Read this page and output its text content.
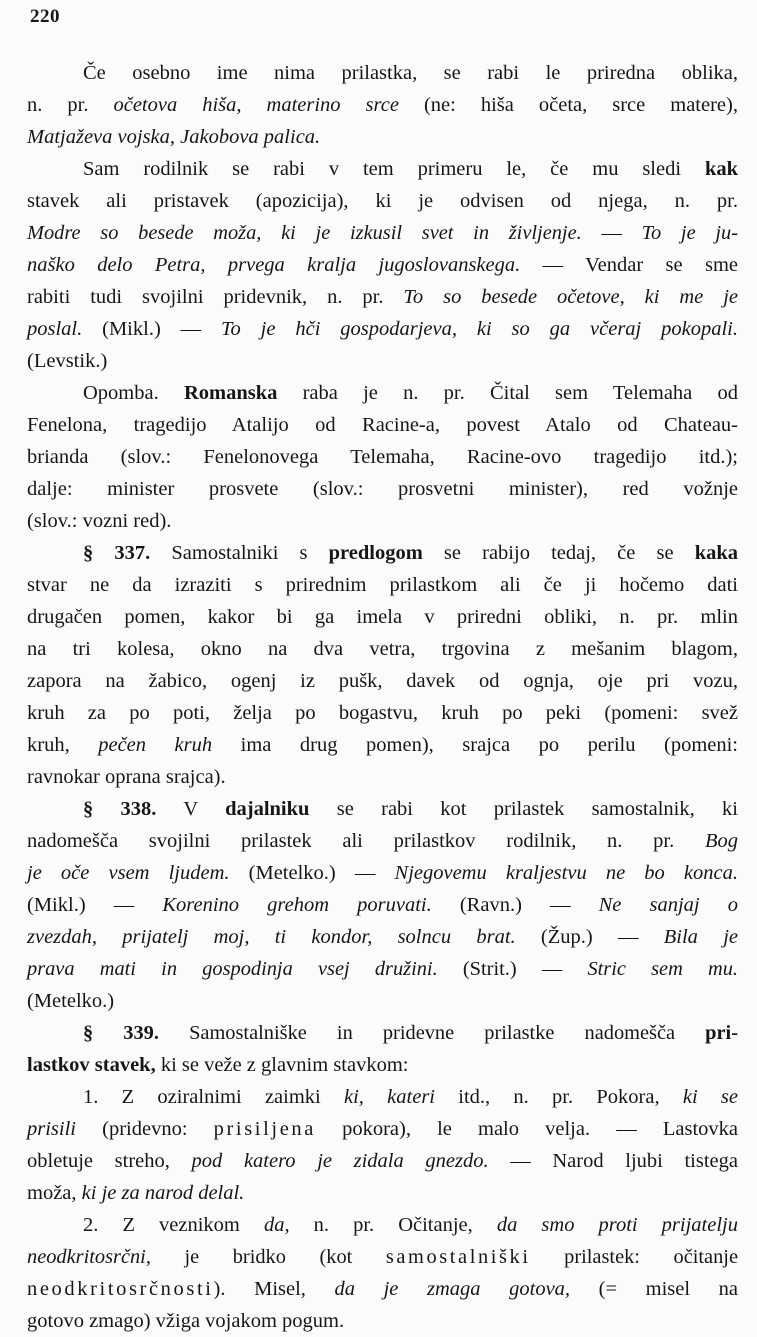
220
Če osebno ime nima prilastka, se rabi le priredna oblika,
n. pr. očetova hiša, materino srce (ne: hiša očeta, srce matere),
Matjaževa vojska, Jakobova palica.
Sam rodilnik se rabi v tem primeru le, če mu sledi kak
stavek ali pristavek (apozicija), ki je odvisen od njega, n. pr.
Modre so besede moža, ki je izkusil svet in življenje. — To je ju-
naško delo Petra, prvega kralja jugoslovanskega. — Vendar se sme
rabiti tudi svojilni pridevnik, n. pr. To so besede očetove, ki me je
poslal. (Mikl.) — To je hči gospodarjeva, ki so ga včeraj pokopali.
(Levstik.)
Opomba. Romanska raba je n. pr. Čital sem Telemaha od
Fenelona, tragedijo Atalijo od Racine-a, povest Atalo od Chateau-
brianda (slov.: Fenelonovega Telemaha, Racine-ovo tragedijo itd.);
dalje: minister prosvete (slov.: prosvetni minister), red vožnje
(slov.: vozni red).
§ 337. Samostalniki s predlogom se rabijo tedaj, če se kaka
stvar ne da izraziti s prirednim prilastkom ali če ji hočemo dati
drugačen pomen, kakor bi ga imela v priredni obliki, n. pr. mlin
na tri kolesa, okno na dva vetra, trgovina z mešanim blagom,
zapora na žabico, ogenj iz pušk, davek od ognja, oje pri vozu,
kruh za po poti, želja po bogastvu, kruh po peki (pomeni: svež
kruh, pečen kruh ima drug pomen), srajca po perilu (pomeni:
ravnokar oprana srajca).
§ 338. V dajalniku se rabi kot prilastek samostalnik, ki
nadomešča svojilni prilastek ali prilastkov rodilnik, n. pr. Bog
je oče vsem ljudem. (Metelko.) — Njegovemu kraljestvu ne bo konca.
(Mikl.) — Korenino grehom poruvati. (Ravn.) — Ne sanjaj o
zvezdah, prijatelj moj, ti kondor, solncu brat. (Žup.) — Bila je
prava mati in gospodinja vsej družini. (Strit.) — Stric sem mu.
(Metelko.)
§ 339. Samostalniške in pridevne prilastke nadomešča pri-
lastkov stavek, ki se veže z glavnim stavkom:
1. Z oziralnimi zaimki ki, kateri itd., n. pr. Pokora, ki se
prisili (pridevno: prisiljena pokora), le malo velja. — Lastovka
obletuje streho, pod katero je zidala gnezdo. — Narod ljubi tistega
moža, ki je za narod delal.
2. Z veznikom da, n. pr. Očitanje, da smo proti prijatelju
neodkritosrčni, je bridko (kot samostalniški prilastek: očitanje
neodkritosrčnosti). Misel, da je zmaga gotova, (= misel na
gotovo zmago) vžiga vojakom pogum.
